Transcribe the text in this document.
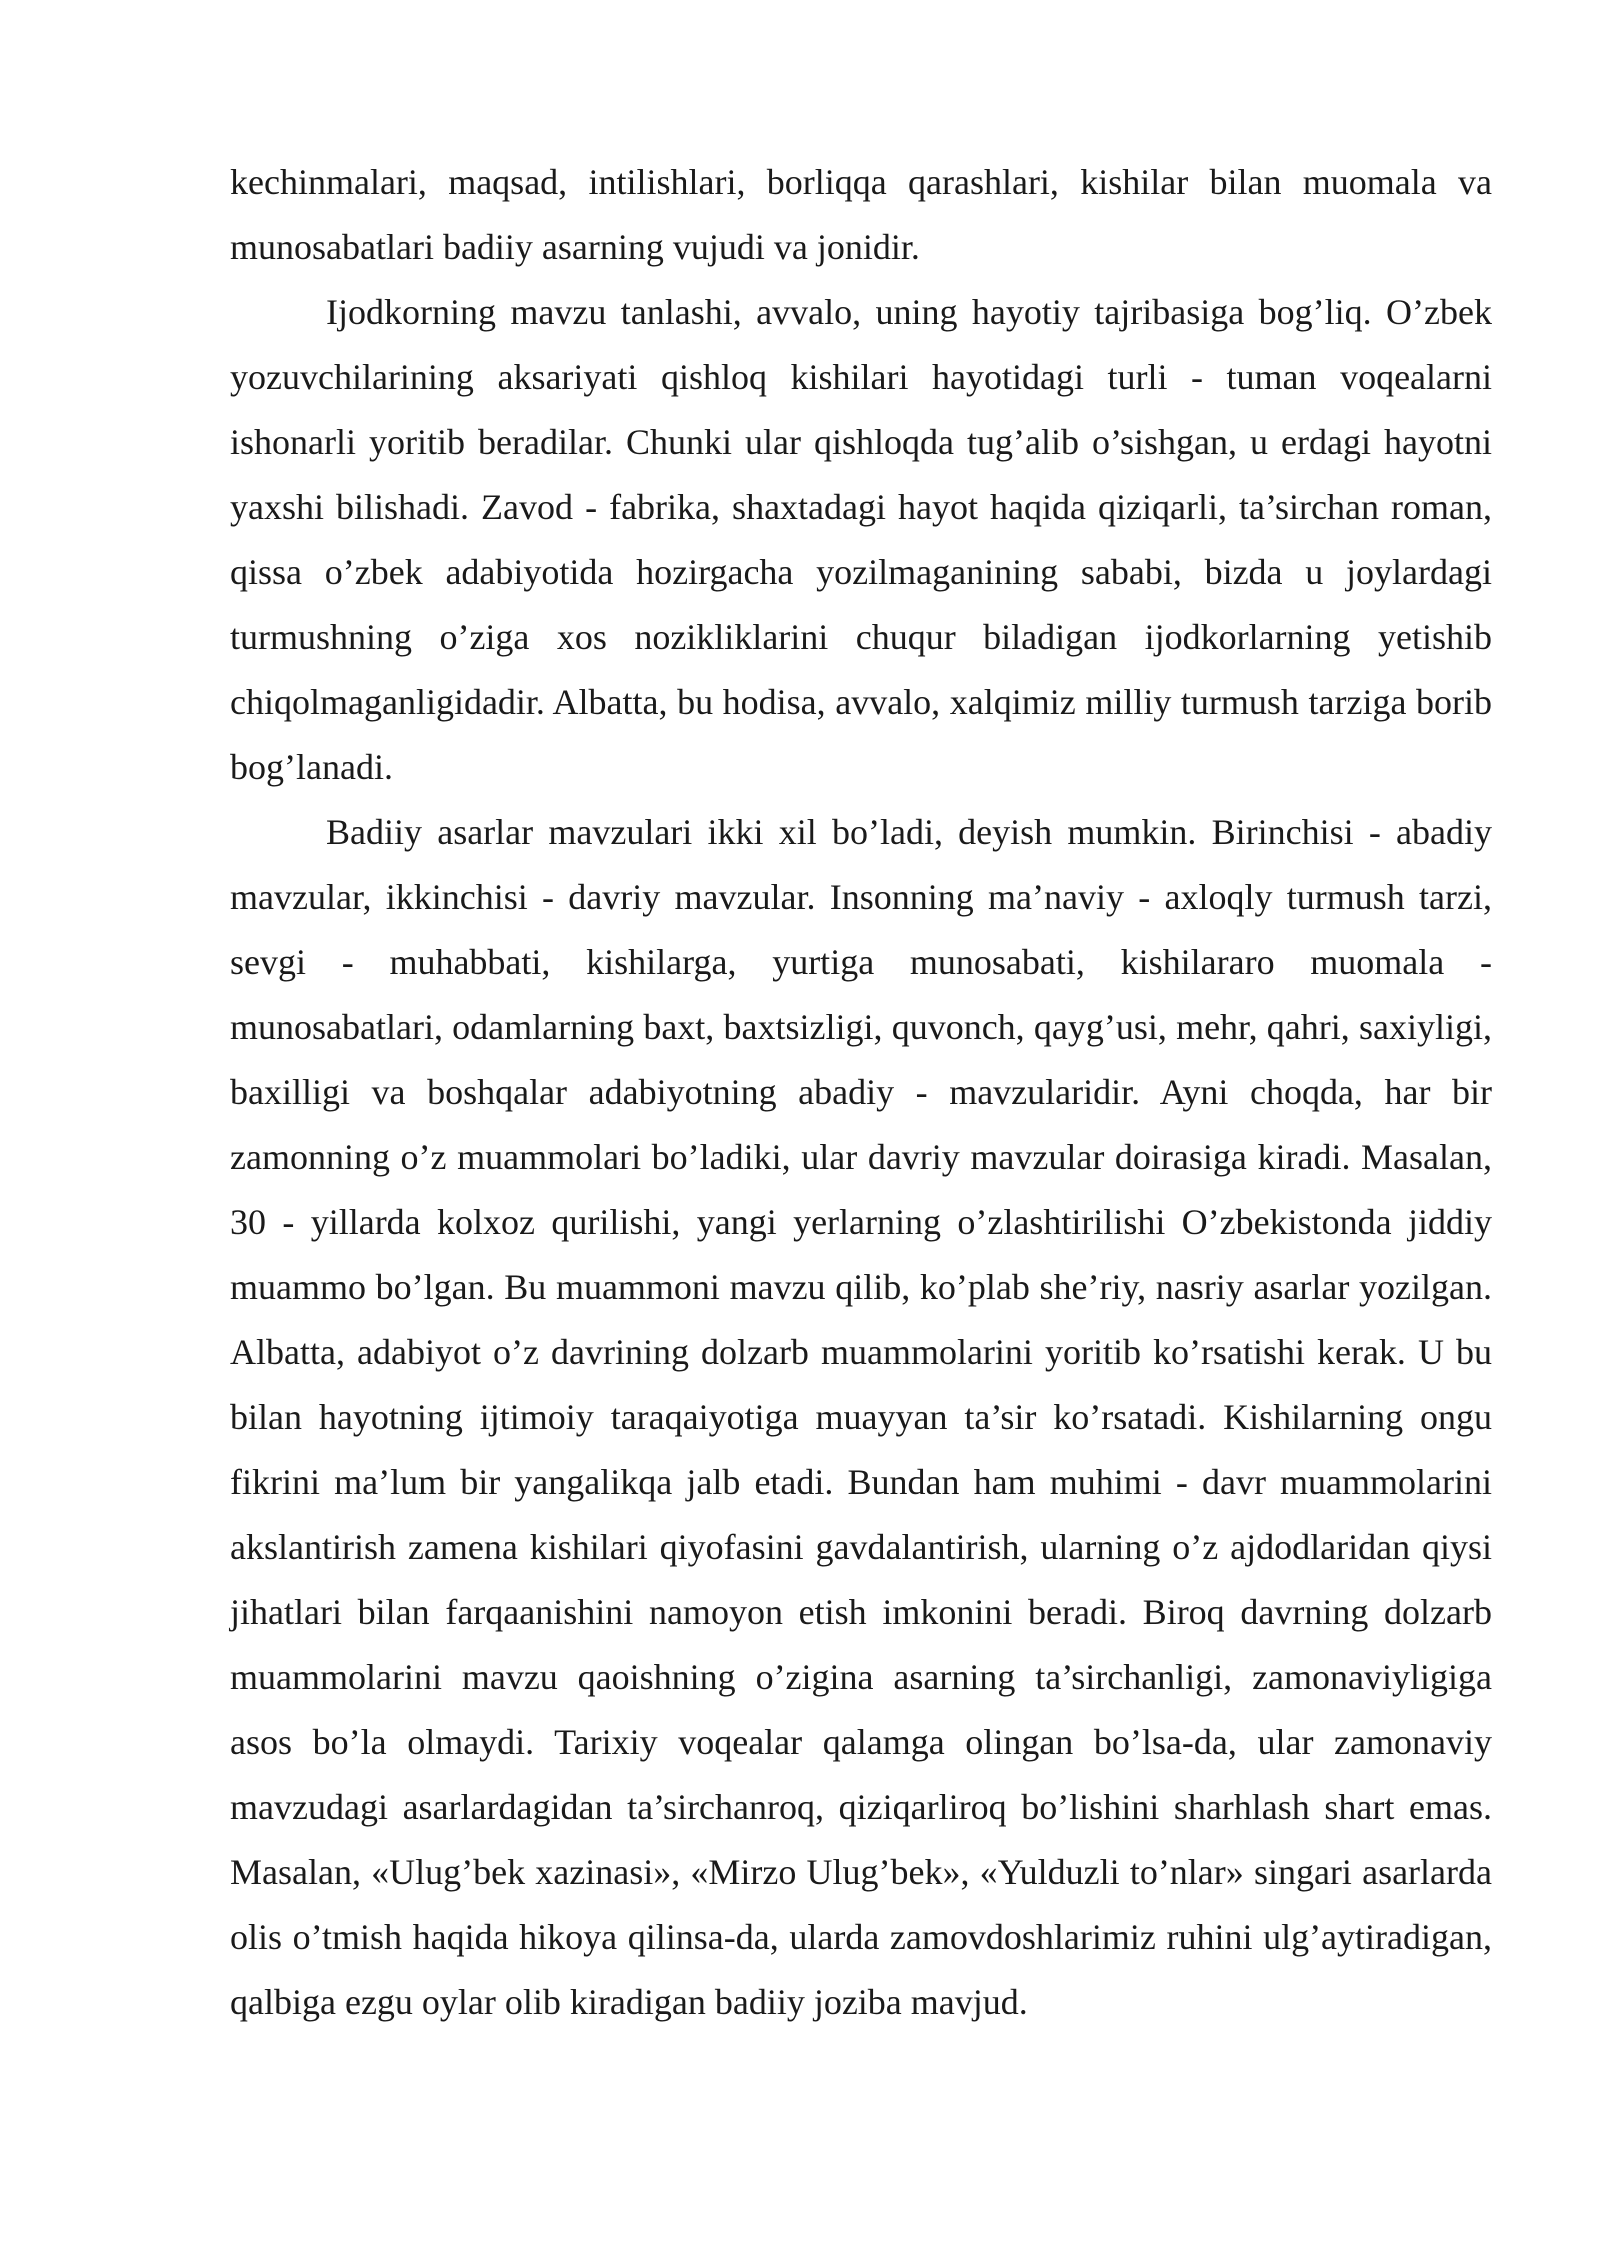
kechinmalari, maqsad, intilishlari, borliqqa qarashlari, kishilar bilan muomala va munosabatlari badiiy asarning vujudi va jonidir.

Ijodkorning mavzu tanlashi, avvalo, uning hayotiy tajribasiga bog’liq. O’zbek yozuvchilarining aksariyati qishloq kishilari hayotidagi turli - tuman voqealarni ishonarli yoritib beradilar. Chunki ular qishloqda tug’alib o’sishgan, u erdagi hayotni yaxshi bilishadi. Zavod - fabrika, shaxtadagi hayot haqida qiziqarli, ta’sirchan roman, qissa o’zbek adabiyotida hozirgacha yozilmaganining sababi, bizda u joylardagi turmushning o’ziga xos nozikliklarini chuqur biladigan ijodkorlarning yetishib chiqolmaganligidadir. Albatta, bu hodisa, avvalo, xalqimiz milliy turmush tarziga borib bog’lanadi.

Badiiy asarlar mavzulari ikki xil bo’ladi, deyish mumkin. Birinchisi - abadiy mavzular, ikkinchisi - davriy mavzular. Insonning ma’naviy - axloqly turmush tarzi, sevgi - muhabbati, kishilarga, yurtiga munosabati, kishilararo muomala - munosabatlari, odamlarning baxt, baxtsizligi, quvonch, qayg’usi, mehr, qahri, saxiyligi, baxilligi va boshqalar adabiyotning abadiy - mavzularidir. Ayni choqda, har bir zamonning o’z muammolari bo’ladiki, ular davriy mavzular doirasiga kiradi. Masalan, 30 - yillarda kolxoz qurilishi, yangi yerlarning o’zlashtirilishi O’zbekistonda jiddiy muammo bo’lgan. Bu muammoni mavzu qilib, ko’plab she’riy, nasriy asarlar yozilgan. Albatta, adabiyot o’z davrining dolzarb muammolarini yoritib ko’rsatishi kerak. U bu bilan hayotning ijtimoiy taraqaiyotiga muayyan ta’sir ko’rsatadi. Kishilarning ongu fikrini ma’lum bir yangalikqa jalb etadi. Bundan ham muhimi - davr muammolarini akslantirish zamena kishilari qiyofasini gavdalantirish, ularning o’z ajdodlaridan qiysi jihatlari bilan farqaanishini namoyon etish imkonini beradi. Biroq davrning dolzarb muammolarini mavzu qaoishning o’zigina asarning ta’sirchanligi, zamonaviyligiga asos bo’la olmaydi. Tarixiy voqealar qalamga olingan bo’lsa-da, ular zamonaviy mavzudagi asarlardagidan ta’sirchanroq, qiziqarliroq bo’lishini sharhlash shart emas. Masalan, «Ulug’bek xazinasi», «Mirzo Ulug’bek», «Yulduzli to’nlar» singari asarlarda olis o’tmish haqida hikoya qilinsa-da, ularda zamovdoshlarimiz ruhini ulg’aytiradigan, qalbiga ezgu oylar olib kiradigan badiiy joziba mavjud.
